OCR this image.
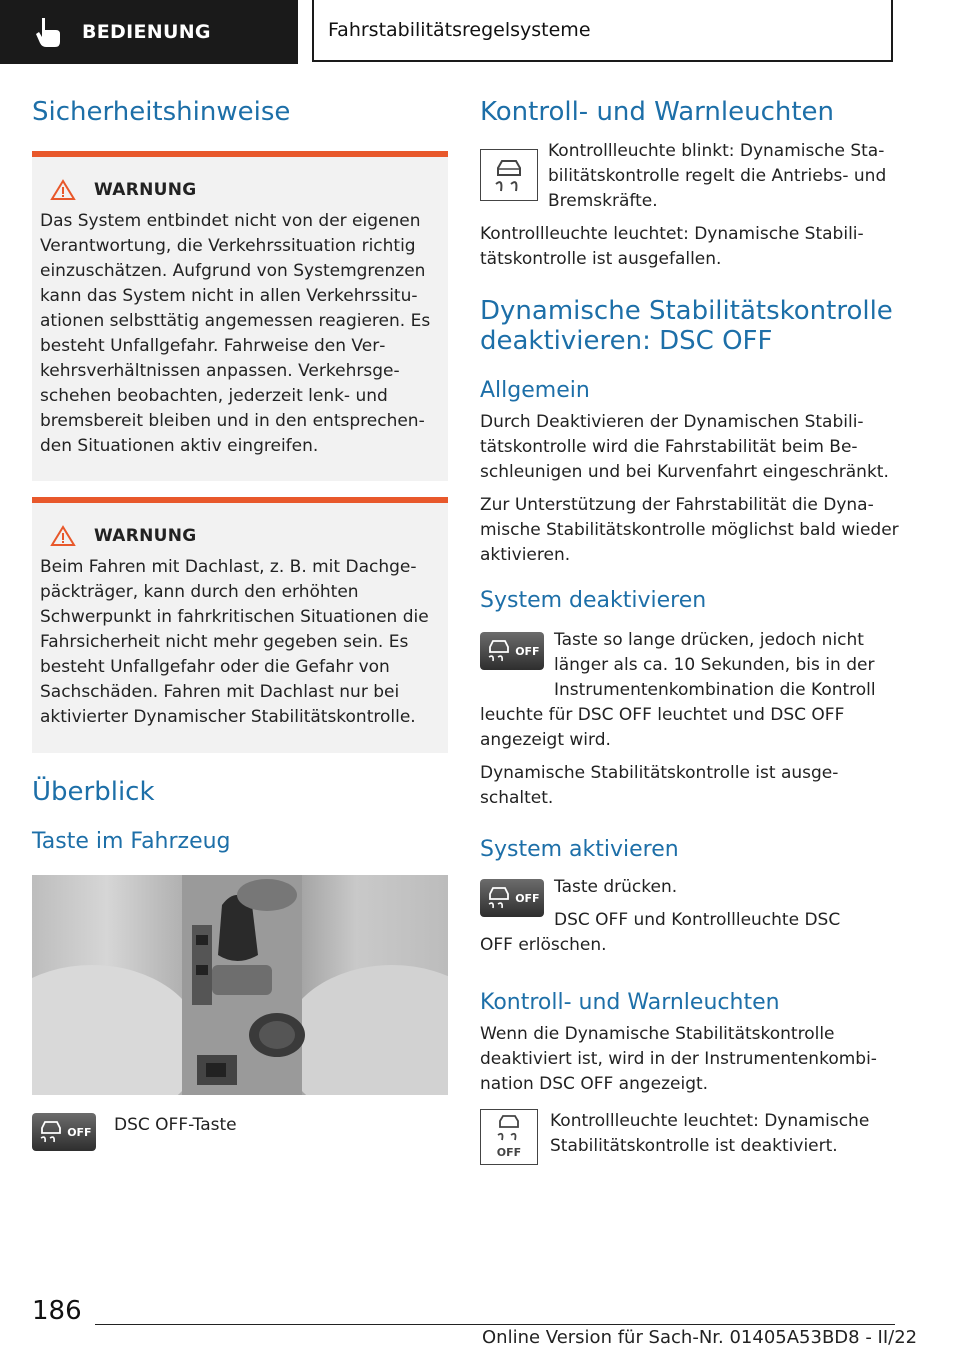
BEDIENUNG	Fahrstabilitätsregelsysteme
Sicherheitshinweise
WARNUNG

Das System entbindet nicht von der eigenen Verantwortung, die Verkehrssituation richtig einzuschätzen. Aufgrund von Systemgrenzen kann das System nicht in allen Verkehrssituationen selbsttätig angemessen reagieren. Es besteht Unfallgefahr. Fahrweise den Verkehrsverhältnissen anpassen. Verkehrsgeschehen beobachten, jederzeit lenk- und bremsbereit bleiben und in den entsprechenden Situationen aktiv eingreifen.

WARNUNG

Beim Fahren mit Dachlast, z. B. mit Dachgepäckträger, kann durch den erhöhten Schwerpunkt in fahrkritischen Situationen die Fahrsicherheit nicht mehr gegeben sein. Es besteht Unfallgefahr oder die Gefahr von Sachschäden. Fahren mit Dachlast nur bei aktivierter Dynamischer Stabilitätskontrolle.

Überblick
Taste im Fahrzeug
OFF DSC OFF-Taste

Kontroll- und Warnleuchten

Kontrollleuchte blinkt: Dynamische Stabilitätskontrolle regelt die Antriebs- und Bremskräfte.

Kontrollleuchte leuchtet: Dynamische Stabilitätskontrolle ist ausgefallen.

Dynamische Stabilitätskontrolle deaktivieren: DSC OFF
Allgemein

Durch Deaktivieren der Dynamischen Stabilitätskontrolle wird die Fahrstabilität beim Beschleunigen und bei Kurvenfahrt eingeschränkt.

Zur Unterstützung der Fahrstabilität die Dynamische Stabilitätskontrolle möglichst bald wieder aktivieren.

System deaktivieren
OFF

Taste so lange drücken, jedoch nicht länger als ca. 10 Sekunden, bis in der Instrumentenkombination die Kontroll

leuchte für DSC OFF leuchtet und DSC OFF angezeigt wird.

Dynamische Stabilitätskontrolle ist ausgeschaltet.

System aktivieren
OFF

Taste drücken.

DSC OFF und Kontrollleuchte DSC

OFF erlöschen.

Kontroll- und Warnleuchten

Wenn die Dynamische Stabilitätskontrolle deaktiviert ist, wird in der Instrumentenkombination DSC OFF angezeigt.

OFF

Kontrollleuchte leuchtet: Dynamische Stabilitätskontrolle ist deaktiviert.

186
Online Version für Sach-Nr. 01405A53BD8 - II/22
